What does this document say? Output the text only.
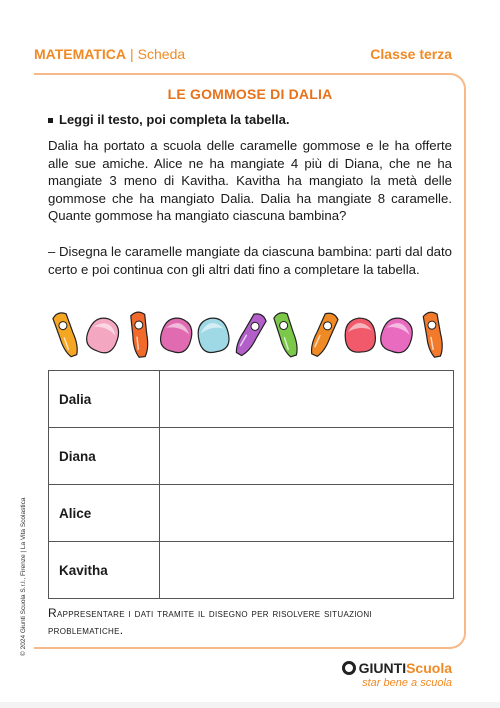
MATEMATICA | Scheda	Classe terza
LE GOMMOSE DI DALIA
Leggi il testo, poi completa la tabella.
Dalia ha portato a scuola delle caramelle gommose e le ha offerte alle sue amiche. Alice ne ha mangiate 4 più di Diana, che ne ha mangiate 3 meno di Kavitha. Kavitha ha mangiato la metà delle gommose che ha mangiato Dalia. Dalia ha mangiate 8 caramelle. Quante gommose ha mangiato ciascuna bambina?
– Disegna le caramelle mangiate da ciascuna bambina: parti dal dato certo e poi continua con gli altri dati fino a completare la tabella.
Dalia	
Diana	
Alice	
Kavitha	
Rappresentare i dati tramite il disegno per risolvere situazioni problematiche.
© 2024 Giunti Scuola S.r.l., Firenze | La Vita Scolastica
GIUNTIScuola
star bene a scuola
